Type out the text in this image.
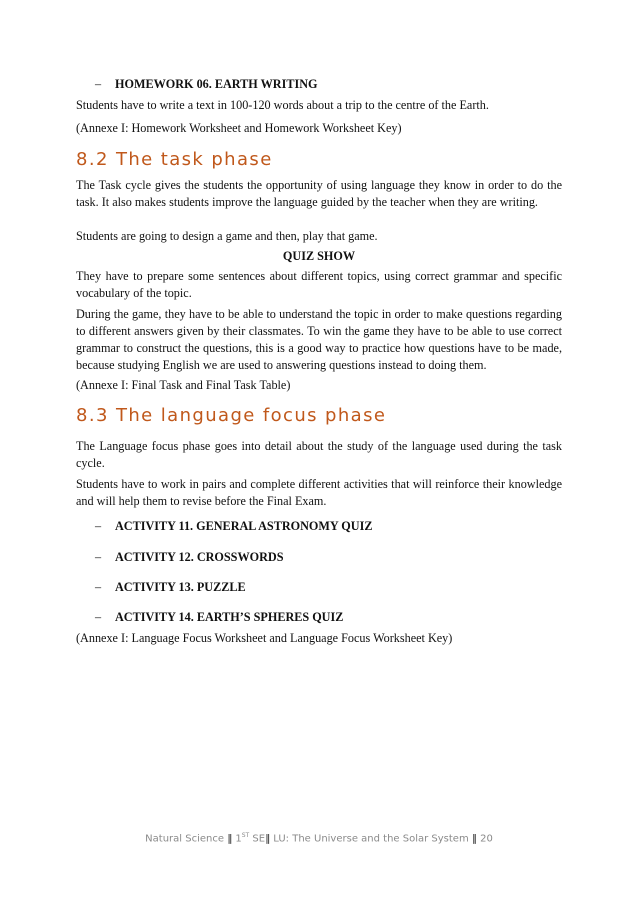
– HOMEWORK 06. EARTH WRITING
Students have to write a text in 100-120 words about a trip to the centre of the Earth.
(Annexe I: Homework Worksheet and Homework Worksheet Key)
8.2 The task phase
The Task cycle gives the students the opportunity of using language they know in order to do the task. It also makes students improve the language guided by the teacher when they are writing.
Students are going to design a game and then, play that game.
QUIZ SHOW
They have to prepare some sentences about different topics, using correct grammar and specific vocabulary of the topic.
During the game, they have to be able to understand the topic in order to make questions regarding to different answers given by their classmates. To win the game they have to be able to use correct grammar to construct the questions, this is a good way to practice how questions have to be made, because studying English we are used to answering questions instead to doing them.
(Annexe I: Final Task and Final Task Table)
8.3 The language focus phase
The Language focus phase goes into detail about the study of the language used during the task cycle.
Students have to work in pairs and complete different activities that will reinforce their knowledge and will help them to revise before the Final Exam.
– ACTIVITY 11. GENERAL ASTRONOMY QUIZ
– ACTIVITY 12. CROSSWORDS
– ACTIVITY 13. PUZZLE
– ACTIVITY 14. EARTH’S SPHERES QUIZ
(Annexe I: Language Focus Worksheet and Language Focus Worksheet Key)
Natural Science ‖ 1ST SE‖ LU: The Universe and the Solar System ‖ 20
